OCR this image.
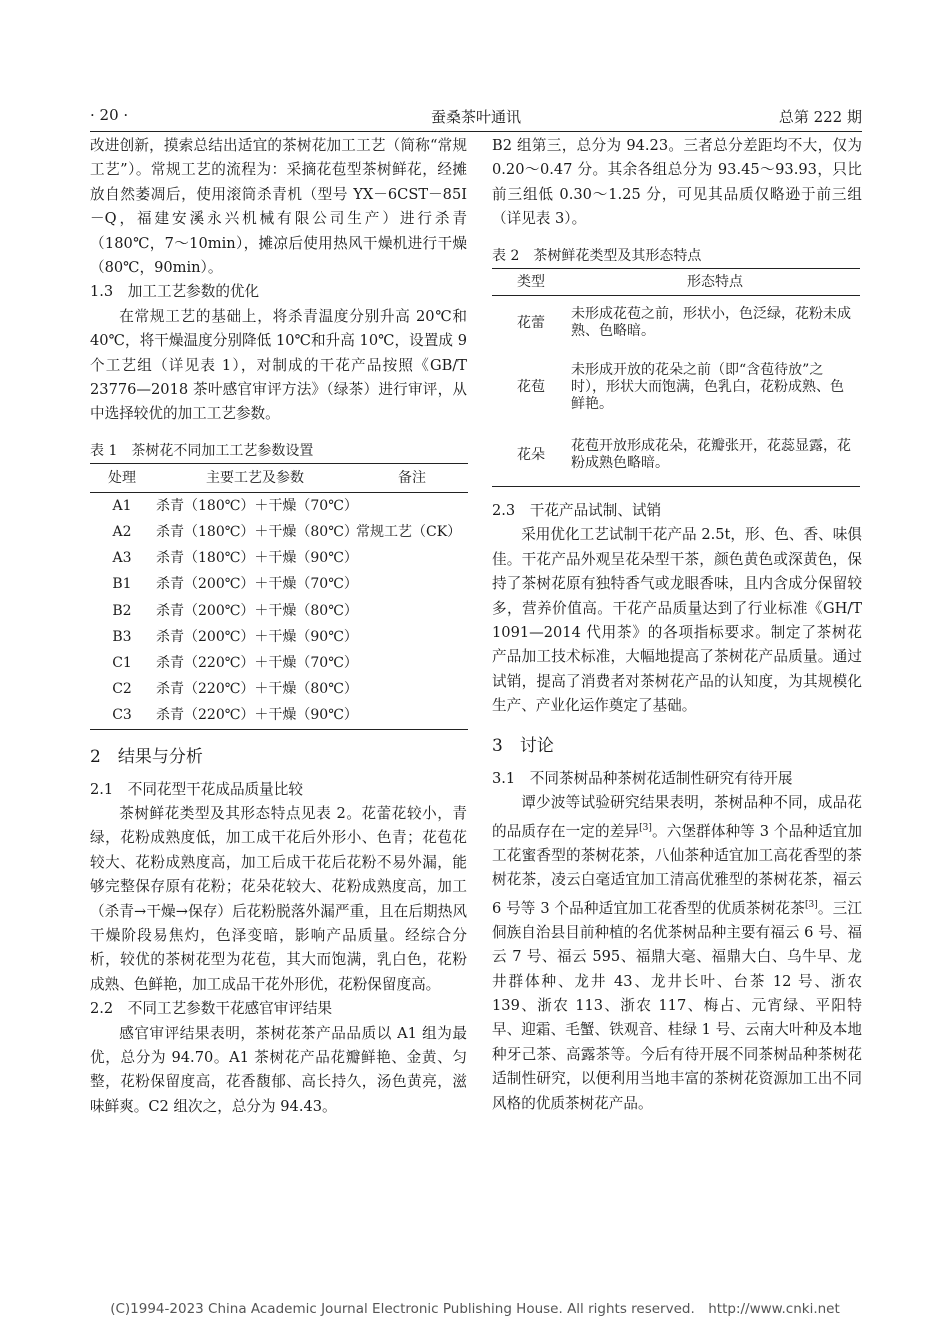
· 20 ·	蚕桑茶叶通讯	总第 222 期

改进创新，摸索总结出适宜的茶树花加工工艺（简称“常规工艺”）。常规工艺的流程为：采摘花苞型茶树鲜花，经摊放自然萎凋后，使用滚筒杀青机（型号 YX－6CST－85I－Q，福建安溪永兴机械有限公司生产）进行杀青（180℃，7～10min），摊凉后使用热风干燥机进行干燥（80℃，90min）。

1.3　加工工艺参数的优化

在常规工艺的基础上，将杀青温度分别升高 20℃和 40℃，将干燥温度分别降低 10℃和升高 10℃，设置成 9 个工艺组（详见表 1），对制成的干花产品按照《GB/T 23776—2018 茶叶感官审评方法》（绿茶）进行审评，从中选择较优的加工工艺参数。

表 1　茶树花不同加工工艺参数设置

处理	主要工艺及参数	备注
A1	杀青（180℃）＋干燥（70℃）	
A2	杀青（180℃）＋干燥（80℃）	常规工艺（CK）
A3	杀青（180℃）＋干燥（90℃）	
B1	杀青（200℃）＋干燥（70℃）	
B2	杀青（200℃）＋干燥（80℃）	
B3	杀青（200℃）＋干燥（90℃）	
C1	杀青（220℃）＋干燥（70℃）	
C2	杀青（220℃）＋干燥（80℃）	
C3	杀青（220℃）＋干燥（90℃）	

2　结果与分析

2.1　不同花型干花成品质量比较

茶树鲜花类型及其形态特点见表 2。花蕾花较小，青绿，花粉成熟度低，加工成干花后外形小、色青；花苞花较大、花粉成熟度高，加工后成干花后花粉不易外漏，能够完整保存原有花粉；花朵花较大、花粉成熟度高，加工（杀青→干燥→保存）后花粉脱落外漏严重，且在后期热风干燥阶段易焦灼，色泽变暗，影响产品质量。经综合分析，较优的茶树花型为花苞，其大而饱满，乳白色，花粉成熟、色鲜艳，加工成品干花外形优，花粉保留度高。

2.2　不同工艺参数干花感官审评结果

感官审评结果表明，茶树花茶产品品质以 A1 组为最优，总分为 94.70。A1 茶树花产品花瓣鲜艳、金黄、匀整，花粉保留度高，花香馥郁、高长持久，汤色黄亮，滋味鲜爽。C2 组次之，总分为 94.43。

B2 组第三，总分为 94.23。三者总分差距均不大，仅为 0.20～0.47 分。其余各组总分为 93.45～93.93，只比前三组低 0.30～1.25 分，可见其品质仅略逊于前三组（详见表 3）。

表 2　茶树鲜花类型及其形态特点

类型	形态特点
花蕾	未形成花苞之前，形状小，色泛绿，花粉未成熟、色略暗。
花苞	未形成开放的花朵之前（即“含苞待放”之时），形状大而饱满，色乳白，花粉成熟、色鲜艳。
花朵	花苞开放形成花朵，花瓣张开，花蕊显露，花粉成熟色略暗。

2.3　干花产品试制、试销

采用优化工艺试制干花产品 2.5t，形、色、香、味俱佳。干花产品外观呈花朵型干茶，颜色黄色或深黄色，保持了茶树花原有独特香气或龙眼香味，且内含成分保留较多，营养价值高。干花产品质量达到了行业标准《GH/T 1091—2014 代用茶》的各项指标要求。制定了茶树花产品加工技术标准，大幅地提高了茶树花产品质量。通过试销，提高了消费者对茶树花产品的认知度，为其规模化生产、产业化运作奠定了基础。

3　讨论

3.1　不同茶树品种茶树花适制性研究有待开展

谭少波等试验研究结果表明，茶树品种不同，成品花的品质存在一定的差异[3]。六堡群体种等 3 个品种适宜加工花蜜香型的茶树花茶，八仙茶种适宜加工高花香型的茶树花茶，凌云白毫适宜加工清高优雅型的茶树花茶，福云 6 号等 3 个品种适宜加工花香型的优质茶树花茶[3]。三江侗族自治县目前种植的名优茶树品种主要有福云 6 号、福云 7 号、福云 595、福鼎大毫、福鼎大白、乌牛早、龙井群体种、龙井 43、龙井长叶、台茶 12 号、浙农 139、浙农 113、浙农 117、梅占、元宵绿、平阳特早、迎霜、毛蟹、铁观音、桂绿 1 号、云南大叶种及本地种牙己茶、高露茶等。今后有待开展不同茶树品种茶树花适制性研究，以便利用当地丰富的茶树花资源加工出不同风格的优质茶树花产品。

(C)1994-2023 China Academic Journal Electronic Publishing House. All rights reserved.　http://www.cnki.net
